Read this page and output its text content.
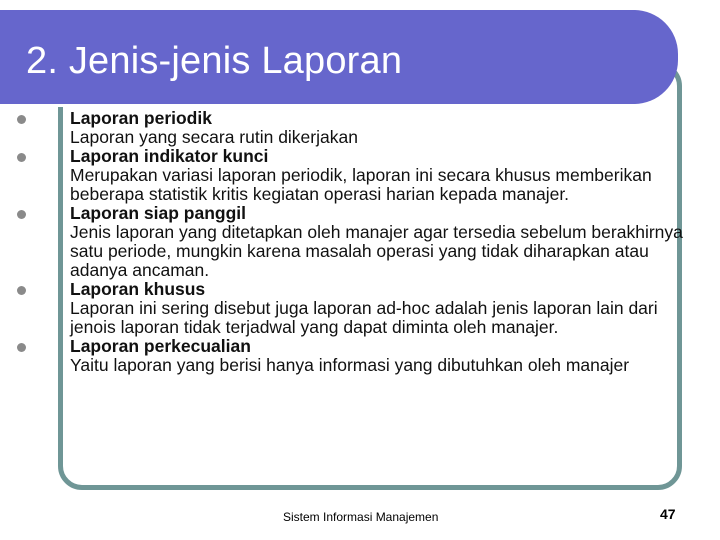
2. Jenis-jenis Laporan
Laporan periodik
Laporan yang secara rutin dikerjakan
Laporan indikator kunci
Merupakan variasi laporan periodik, laporan ini secara khusus memberikan beberapa statistik kritis kegiatan operasi harian kepada manajer.
Laporan siap panggil
Jenis laporan yang ditetapkan oleh manajer agar tersedia sebelum berakhirnya satu periode, mungkin karena masalah operasi yang tidak diharapkan atau adanya ancaman.
Laporan khusus
Laporan ini sering disebut juga laporan ad-hoc adalah jenis laporan lain dari jenois laporan tidak terjadwal yang dapat diminta oleh manajer.
Laporan perkecualian
Yaitu laporan yang berisi hanya informasi yang dibutuhkan oleh manajer
Sistem Informasi Manajemen	47
